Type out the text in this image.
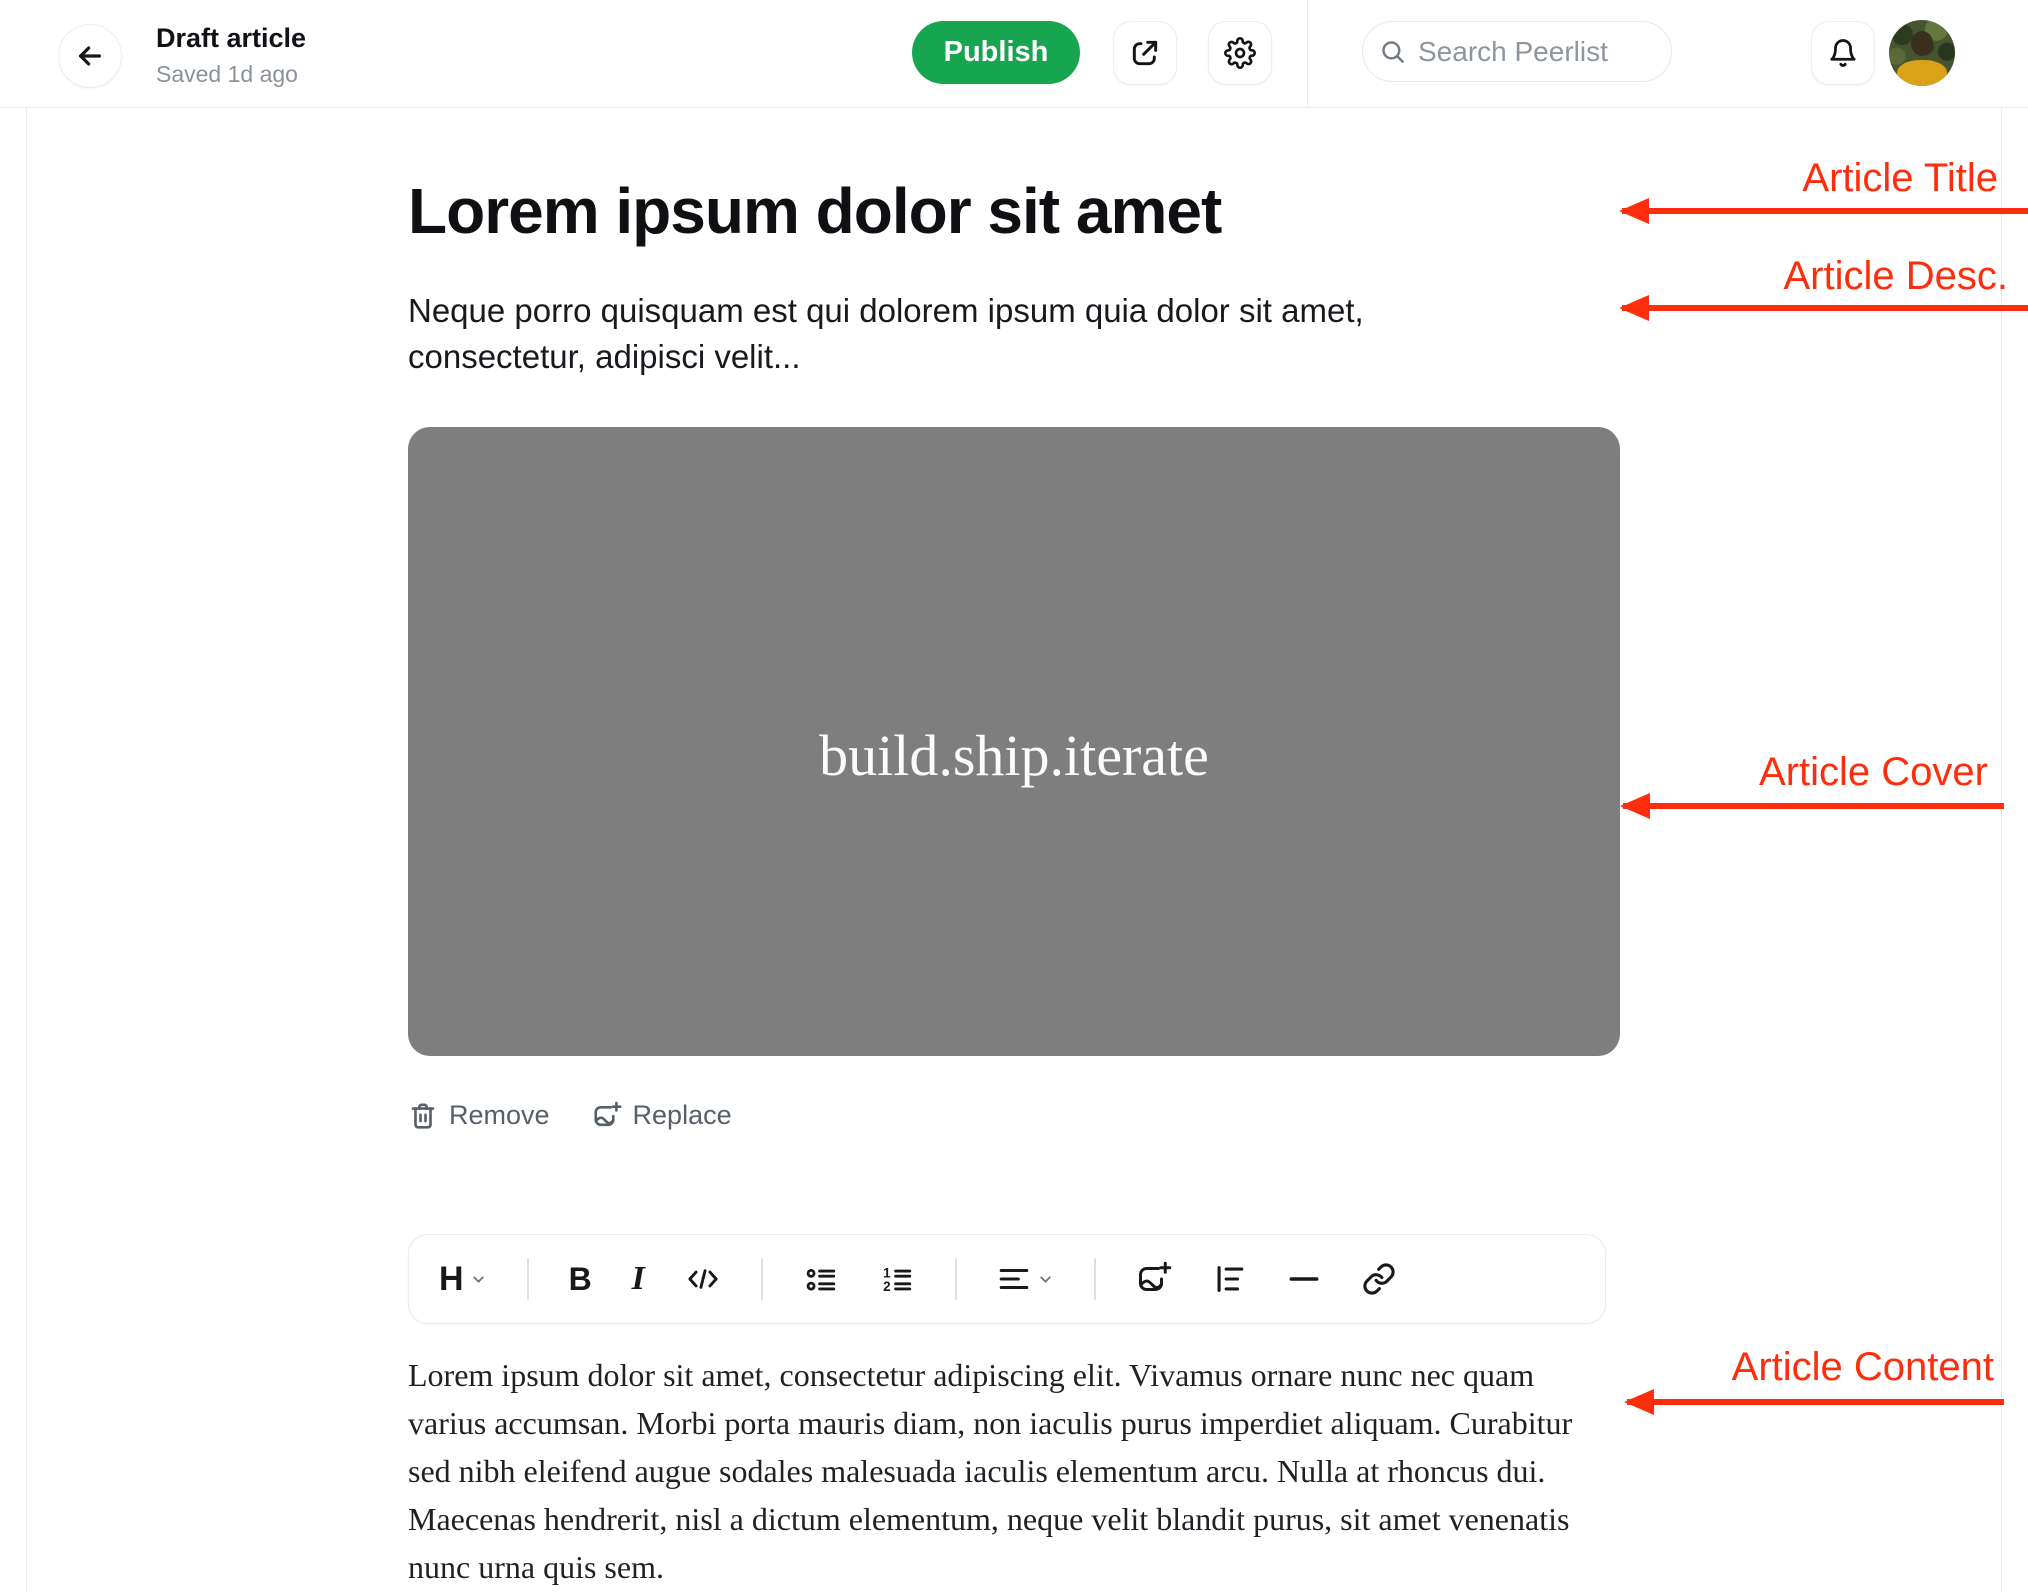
Draft article
Saved 1d ago
Publish
Search Peerlist
Lorem ipsum dolor sit amet
Neque porro quisquam est qui dolorem ipsum quia dolor sit amet,
consectetur, adipisci velit...
build.ship.iterate
Remove	Replace
H	B I	1
2
Lorem ipsum dolor sit amet, consectetur adipiscing elit. Vivamus ornare nunc nec quam varius accumsan. Morbi porta mauris diam, non iaculis purus imperdiet aliquam. Curabitur sed nibh eleifend augue sodales malesuada iaculis elementum arcu. Nulla at rhoncus dui. Maecenas hendrerit, nisl a dictum elementum, neque velit blandit purus, sit amet venenatis nunc urna quis sem.
Article Title
Article Desc.
Article Cover
Article Content
